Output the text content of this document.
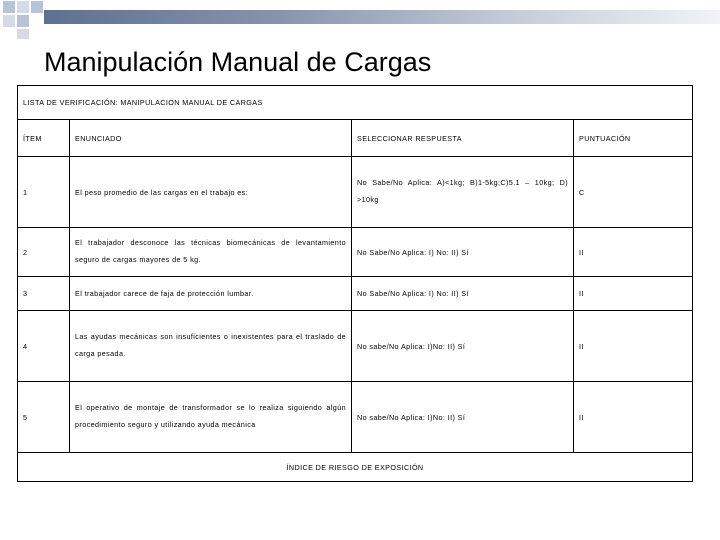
Manipulación Manual de Cargas
LISTA DE VERIFICACIÓN: MANIPULACION MANUAL DE CARGAS			
ÍTEM	ENUNCIADO	SELECCIONAR RESPUESTA	PUNTUACIÓN
1	El peso promedio de las cargas en el trabajo es:	No Sabe/No Aplica: A)<1kg; B)1-5kg;C)5.1 – 10kg; D) >10kg	C
2	El trabajador desconoce las técnicas biomecánicas de levantamiento seguro de cargas mayores de 5 kg.	No Sabe/No Aplica: I) No: II) Sí	II
3	El trabajador carece de faja de protección lumbar.	No Sabe/No Aplica: I) No: II) Sí	II
4	Las ayudas mecánicas son insuficientes o inexistentes para el traslado de carga pesada.	No sabe/No Aplica: I)No: II) Sí	II
5	El operativo de montaje de transformador se lo realiza siguiendo algún procedimiento seguro y utilizando ayuda mecánica	No sabe/No Aplica: I)No: II) Sí	II
ÍNDICE DE RIESGO DE EXPOSICIÓN			
